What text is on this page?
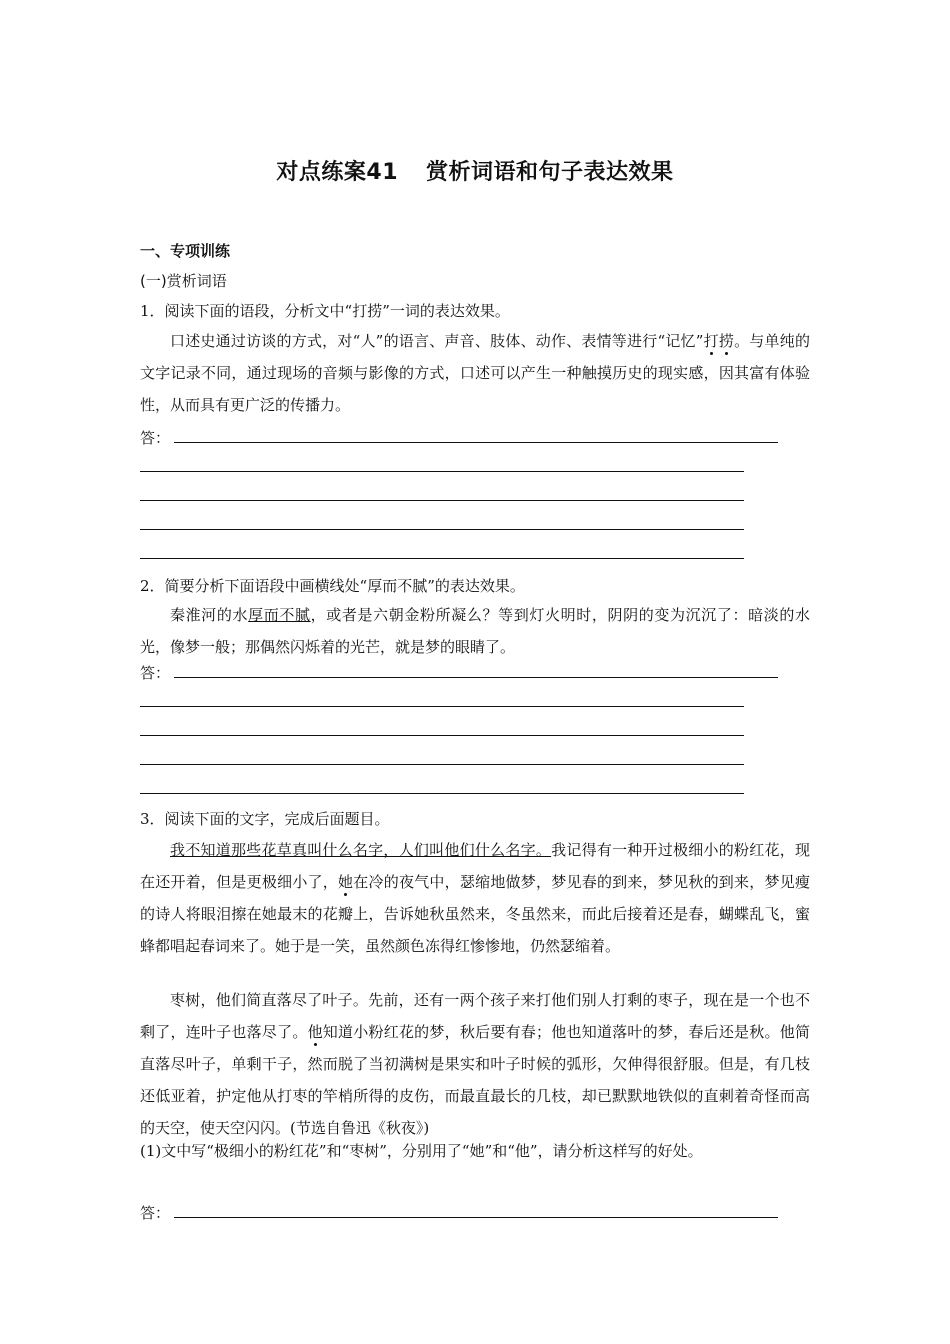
对点练案41 赏析词语和句子表达效果
一、专项训练
(一)赏析词语
1．阅读下面的语段，分析文中“打捞”一词的表达效果。
口述史通过访谈的方式，对“人”的语言、声音、肢体、动作、表情等进行“记忆”打捞。与单纯的文字记录不同，通过现场的音频与影像的方式，口述可以产生一种触摸历史的现实感，因其富有体验性，从而具有更广泛的传播力。
答：
2．简要分析下面语段中画横线处“厚而不腻”的表达效果。
秦淮河的水厚而不腻，或者是六朝金粉所凝么？等到灯火明时，阴阴的变为沉沉了：暗淡的水光，像梦一般；那偶然闪烁着的光芒，就是梦的眼睛了。
答：
3．阅读下面的文字，完成后面题目。
我不知道那些花草真叫什么名字，人们叫他们什么名字。我记得有一种开过极细小的粉红花，现在还开着，但是更极细小了，她在冷的夜气中，瑟缩地做梦，梦见春的到来，梦见秋的到来，梦见瘦的诗人将眼泪擦在她最末的花瓣上，告诉她秋虽然来，冬虽然来，而此后接着还是春，蝴蝶乱飞，蜜蜂都唱起春词来了。她于是一笑，虽然颜色冻得红惨惨地，仍然瑟缩着。
枣树，他们简直落尽了叶子。先前，还有一两个孩子来打他们别人打剩的枣子，现在是一个也不剩了，连叶子也落尽了。他知道小粉红花的梦，秋后要有春；他也知道落叶的梦，春后还是秋。他简直落尽叶子，单剩干子，然而脱了当初满树是果实和叶子时候的弧形，欠伸得很舒服。但是，有几枝还低亚着，护定他从打枣的竿梢所得的皮伤，而最直最长的几枝，却已默默地铁似的直刺着奇怪而高的天空，使天空闪闪。(节选自鲁迅《秋夜》)
(1)文中写“极细小的粉红花”和“枣树”，分别用了“她”和“他”，请分析这样写的好处。
答：
